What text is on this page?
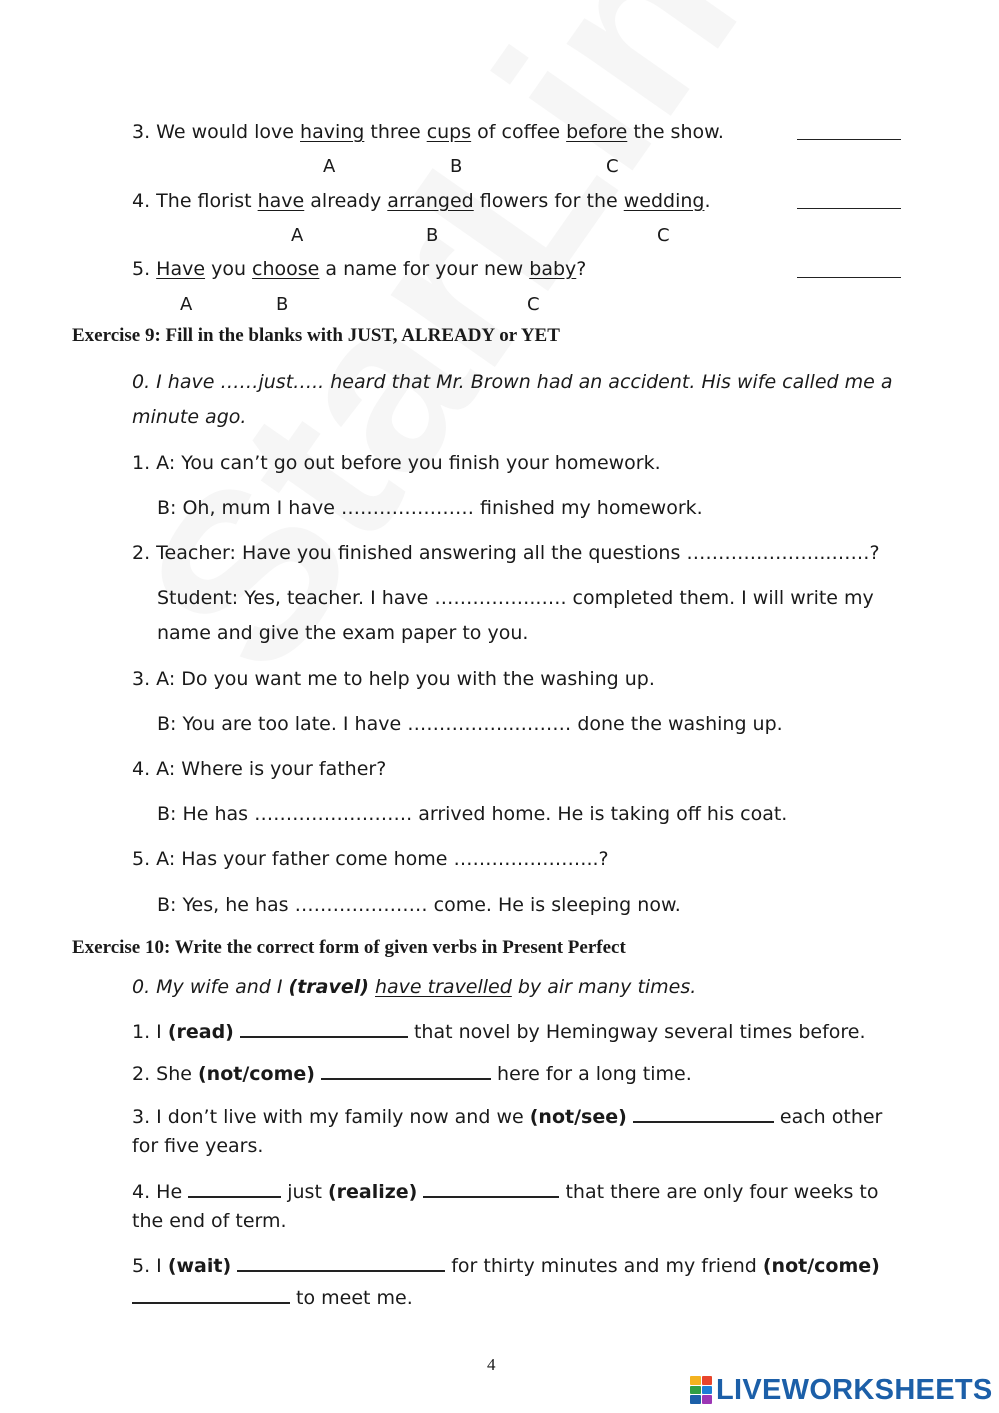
3. We would love having three cups of coffee before the show.
A	B	C
4. The florist have already arranged flowers for the wedding.
A	B	C
5. Have you choose a name for your new baby?
A	B	C
Exercise 9: Fill in the blanks with JUST, ALREADY or YET
0. I have ……just….. heard that Mr. Brown had an accident. His wife called me a
minute ago.
1. A: You can’t go out before you finish your homework.
B: Oh, mum I have ………………… finished my homework.
2. Teacher: Have you finished answering all the questions …………………..……?
Student: Yes, teacher. I have ……………..…. completed them. I will write my
name and give the exam paper to you.
3. A: Do you want me to help you with the washing up.
B: You are too late. I have ……………..……… done the washing up.
4. A: Where is your father?
B: He has ……………………. arrived home. He is taking off his coat.
5. A: Has your father come home …………………..?
B: Yes, he has ………………… come. He is sleeping now.
Exercise 10: Write the correct form of given verbs in Present Perfect
0. My wife and I (travel) have travelled by air many times.
1. I (read)	that novel by Hemingway several times before.
2. She (not/come)	here for a long time.
3. I don’t live with my family now and we (not/see)	each other
for five years.
4. He	just (realize)	that there are only four weeks to
the end of term.
5. I (wait)	for thirty minutes and my friend (not/come)
to meet me.
4
LIVEWORKSHEETS
